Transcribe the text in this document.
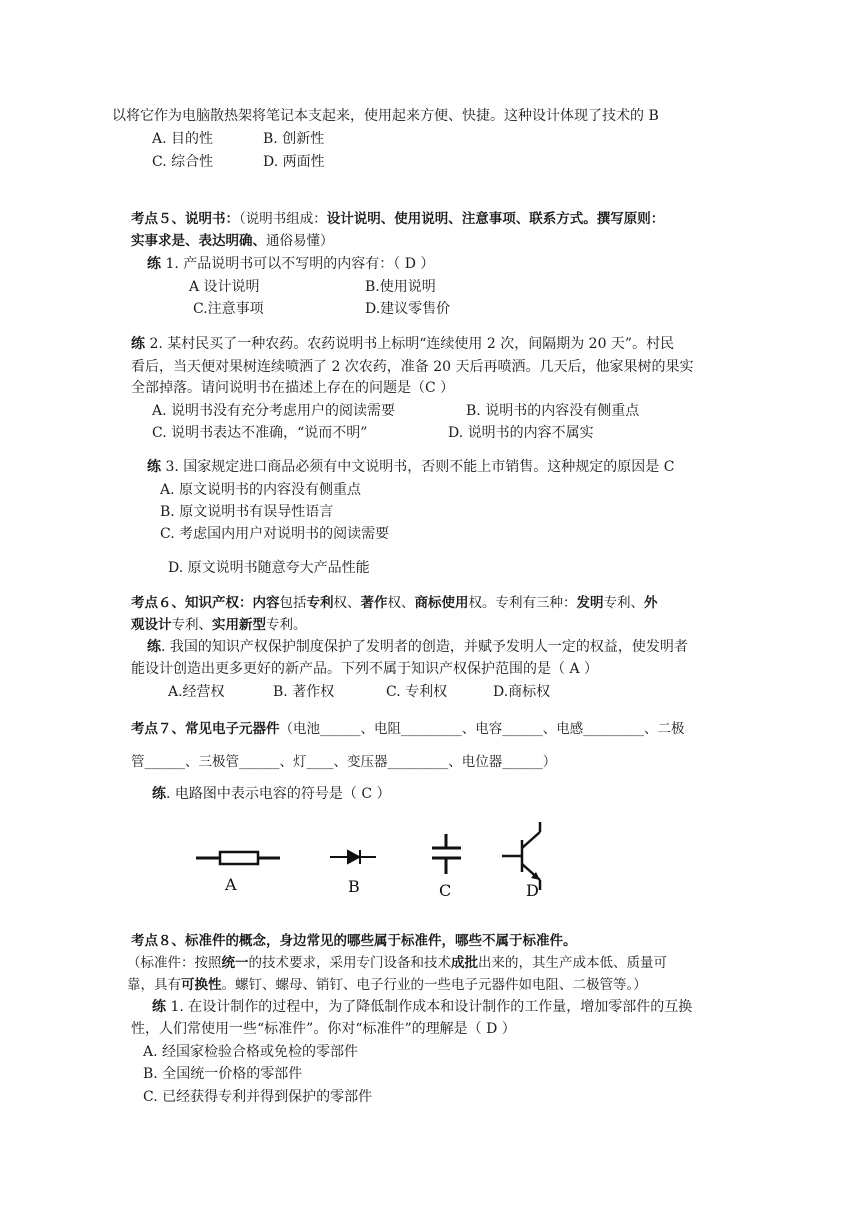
以将它作为电脑散热架将笔记本支起来，使用起来方便、快捷。这种设计体现了技术的 B
A. 目的性	B. 创新性
C. 综合性	D. 两面性
考点５、说明书：（说明书组成：设计说明、使用说明、注意事项、联系方式。撰写原则：
实事求是、表达明确、通俗易懂）
练 1. 产品说明书可以不写明的内容有：（ D ）
A 设计说明	B.使用说明
C.注意事项	D.建议零售价
练 2. 某村民买了一种农药。农药说明书上标明“连续使用 2 次，间隔期为 20 天”。村民
看后，当天便对果树连续喷洒了 2 次农药，准备 20 天后再喷洒。几天后，他家果树的果实
全部掉落。请问说明书在描述上存在的问题是（C ）
A. 说明书没有充分考虑用户的阅读需要	B. 说明书的内容没有侧重点
C. 说明书表达不准确，“说而不明”	D. 说明书的内容不属实
练 3. 国家规定进口商品必须有中文说明书，否则不能上市销售。这种规定的原因是 C
A. 原文说明书的内容没有侧重点
B. 原文说明书有误导性语言
C. 考虑国内用户对说明书的阅读需要
D. 原文说明书随意夸大产品性能
考点６、知识产权：内容包括专利权、著作权、商标使用权。专利有三种：发明专利、外
观设计专利、实用新型专利。
练. 我国的知识产权保护制度保护了发明者的创造，并赋予发明人一定的权益，使发明者
能设计创造出更多更好的新产品。下列不属于知识产权保护范围的是（ A ）
A.经营权	B. 著作权	C. 专利权	D.商标权
考点７、常见电子元器件（电池______、电阻_________、电容______、电感_________、二极
管______、三极管______、灯____、变压器_________、电位器______）
练. 电路图中表示电容的符号是（ C ）
A	B	C	D
考点８、标准件的概念，身边常见的哪些属于标准件，哪些不属于标准件。
（标准件：按照统一的技术要求，采用专门设备和技术成批出来的，其生产成本低、质量可
靠，具有可换性。螺钉、螺母、销钉、电子行业的一些电子元器件如电阻、二极管等。）
练 1. 在设计制作的过程中，为了降低制作成本和设计制作的工作量，增加零部件的互换
性，人们常使用一些“标准件”。你对“标准件”的理解是（ D ）
A. 经国家检验合格或免检的零部件
B. 全国统一价格的零部件
C. 已经获得专利并得到保护的零部件
